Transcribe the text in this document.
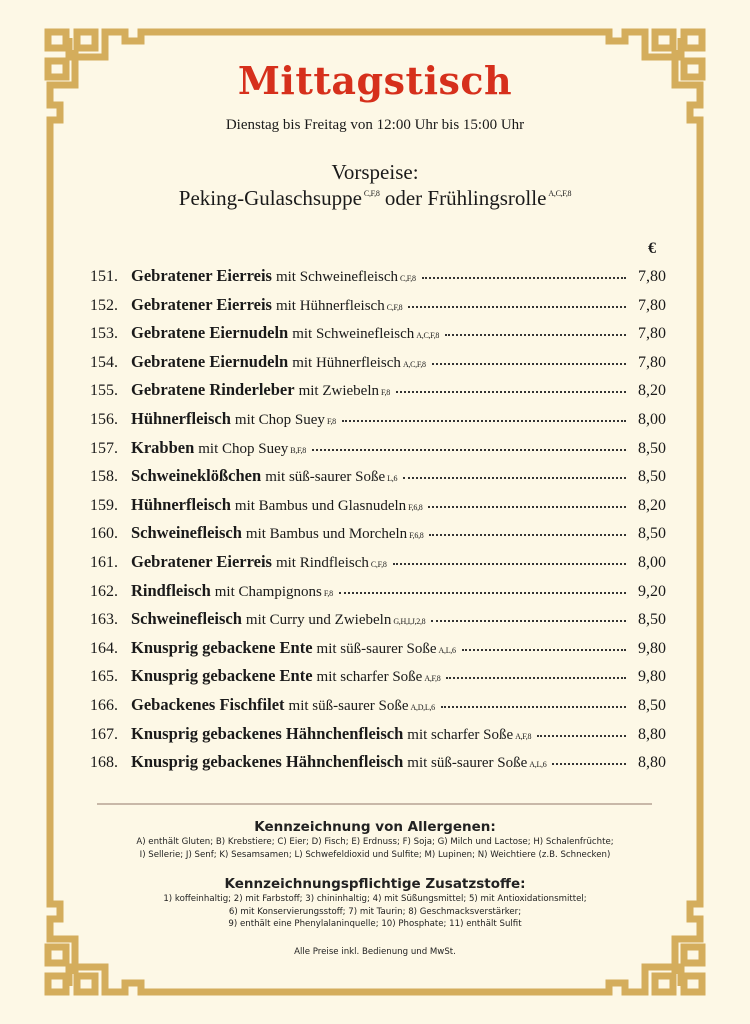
Mittagstisch
Dienstag bis Freitag von 12:00 Uhr bis 15:00 Uhr
Vorspeise:
Peking-Gulaschsuppe $^{C,F,8}$ oder Frühlingsrolle $^{A,C,F,8}$
€
151. Gebratener Eierreis mit Schweinefleisch C,F,8	7,80
152. Gebratener Eierreis mit Hühnerfleisch C,F,8	7,80
153. Gebratene Eiernudeln mit Schweinefleisch A,C,F,8	7,80
154. Gebratene Eiernudeln mit Hühnerfleisch A,C,F,8	7,80
155. Gebratene Rinderleber mit Zwiebeln F,8	8,20
156. Hühnerfleisch mit Chop Suey F,8	8,00
157. Krabben mit Chop Suey B,F,8	8,50
158. Schweineklößchen mit süß-saurer Soße L,6	8,50
159. Hühnerfleisch mit Bambus und Glasnudeln F,6,8	8,20
160. Schweinefleisch mit Bambus und Morcheln F,6,8	8,50
161. Gebratener Eierreis mit Rindfleisch C,F,8	8,00
162. Rindfleisch mit Champignons F,8	9,20
163. Schweinefleisch mit Curry und Zwiebeln G,H,I,J,2,8	8,50
164. Knusprig gebackene Ente mit süß-saurer Soße A,L,6	9,80
165. Knusprig gebackene Ente mit scharfer Soße A,F,8	9,80
166. Gebackenes Fischfilet mit süß-saurer Soße A,D,L,6	8,50
167. Knusprig gebackenes Hähnchenfleisch mit scharfer Soße A,F,8	8,80
168. Knusprig gebackenes Hähnchenfleisch mit süß-saurer Soße A,L,6	8,80
Kennzeichnung von Allergenen:

A) enthält Gluten; B) Krebstiere; C) Eier; D) Fisch; E) Erdnuss; F) Soja; G) Milch und Lactose; H) Schalenfrüchte;

I) Sellerie; J) Senf; K) Sesamsamen; L) Schwefeldioxid und Sulfite; M) Lupinen; N) Weichtiere (z.B. Schnecken)

Kennzeichnungspflichtige Zusatzstoffe:

1) koffeinhaltig; 2) mit Farbstoff; 3) chininhaltig; 4) mit Süßungsmittel; 5) mit Antioxidationsmittel;

6) mit Konservierungsstoff; 7) mit Taurin; 8) Geschmacksverstärker;

9) enthält eine Phenylalaninquelle; 10) Phosphate; 11) enthält Sulfit

Alle Preise inkl. Bedienung und MwSt.
